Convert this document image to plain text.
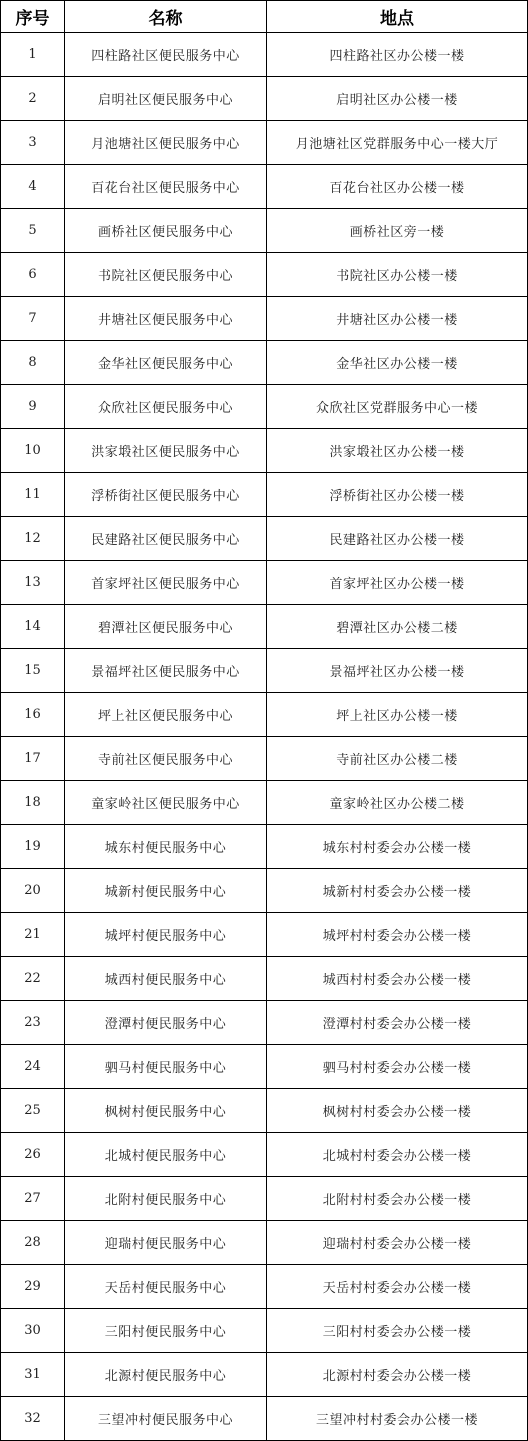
序号	名称	地点
1	四柱路社区便民服务中心	四柱路社区办公楼一楼
2	启明社区便民服务中心	启明社区办公楼一楼
3	月池塘社区便民服务中心	月池塘社区党群服务中心一楼大厅
4	百花台社区便民服务中心	百花台社区办公楼一楼
5	画桥社区便民服务中心	画桥社区旁一楼
6	书院社区便民服务中心	书院社区办公楼一楼
7	井塘社区便民服务中心	井塘社区办公楼一楼
8	金华社区便民服务中心	金华社区办公楼一楼
9	众欣社区便民服务中心	众欣社区党群服务中心一楼
10	洪家塅社区便民服务中心	洪家塅社区办公楼一楼
11	浮桥街社区便民服务中心	浮桥街社区办公楼一楼
12	民建路社区便民服务中心	民建路社区办公楼一楼
13	首家坪社区便民服务中心	首家坪社区办公楼一楼
14	碧潭社区便民服务中心	碧潭社区办公楼二楼
15	景福坪社区便民服务中心	景福坪社区办公楼一楼
16	坪上社区便民服务中心	坪上社区办公楼一楼
17	寺前社区便民服务中心	寺前社区办公楼二楼
18	童家岭社区便民服务中心	童家岭社区办公楼二楼
19	城东村便民服务中心	城东村村委会办公楼一楼
20	城新村便民服务中心	城新村村委会办公楼一楼
21	城坪村便民服务中心	城坪村村委会办公楼一楼
22	城西村便民服务中心	城西村村委会办公楼一楼
23	澄潭村便民服务中心	澄潭村村委会办公楼一楼
24	驷马村便民服务中心	驷马村村委会办公楼一楼
25	枫树村便民服务中心	枫树村村委会办公楼一楼
26	北城村便民服务中心	北城村村委会办公楼一楼
27	北附村便民服务中心	北附村村委会办公楼一楼
28	迎瑞村便民服务中心	迎瑞村村委会办公楼一楼
29	天岳村便民服务中心	天岳村村委会办公楼一楼
30	三阳村便民服务中心	三阳村村委会办公楼一楼
31	北源村便民服务中心	北源村村委会办公楼一楼
32	三望冲村便民服务中心	三望冲村村委会办公楼一楼
